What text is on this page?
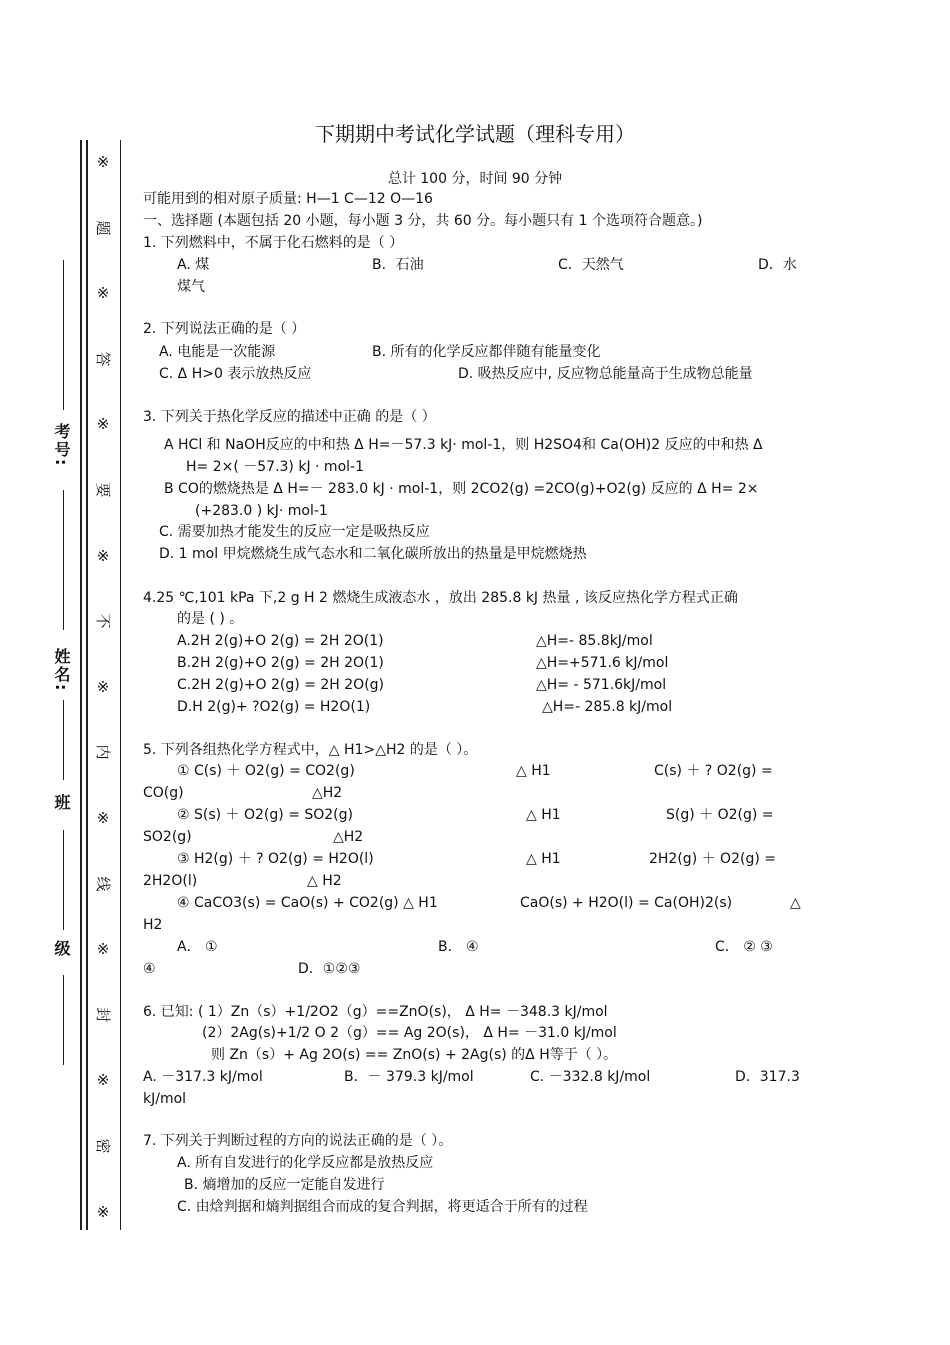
※
题
※
答
※
要
※
不
※
内
※
线
※
封
※
密
※
考号:
姓名:
班
级
下期期中考试化学试题（理科专用）
总计 100 分，时间 90 分钟
可能用到的相对原子质量: H—1 C—12 O—16
一、选择题 (本题包括 20 小题，每小题 3 分，共 60 分。每小题只有 1 个选项符合题意。)
1. 下列燃料中，不属于化石燃料的是（ ）
A. 煤	B．石油	C．天然气	D．水
煤气
2. 下列说法正确的是（ ）
A. 电能是一次能源	B. 所有的化学反应都伴随有能量变化
C. Δ H>0 表示放热反应	D. 吸热反应中, 反应物总能量高于生成物总能量
3. 下列关于热化学反应的描述中正确 的是（ ）
A HCl 和 NaOH反应的中和热 Δ H=－57.3 kJ· mol-1，则 H2SO4和 Ca(OH)2 反应的中和热 Δ
H= 2×( －57.3) kJ · mol-1
B CO的燃烧热是 Δ H=－ 283.0 kJ · mol-1，则 2CO2(g) =2CO(g)+O2(g) 反应的 Δ H= 2×
(+283.0 ) kJ· mol-1
C. 需要加热才能发生的反应一定是吸热反应
D. 1 mol 甲烷燃烧生成气态水和二氧化碳所放出的热量是甲烷燃烧热
4.25 ℃,101 kPa 下,2 g H 2 燃烧生成液态水 ，放出 285.8 kJ 热量 , 该反应热化学方程式正确
的是 ( ) 。
A.2H 2(g)+O 2(g) = 2H 2O(1)	△H=- 85.8kJ/mol
B.2H 2(g)+O 2(g) = 2H 2O(1)	△H=+571.6 kJ/mol
C.2H 2(g)+O 2(g) = 2H 2O(g)	△H= - 571.6kJ/mol
D.H 2(g)+ ?O2(g) = H2O(1)	△H=- 285.8 kJ/mol
5. 下列各组热化学方程式中，△ H1>△H2 的是（ ）。
① C(s) ＋ O2(g) = CO2(g)	△ H1	C(s) ＋ ? O2(g) =
CO(g)	△H2
② S(s) ＋ O2(g) = SO2(g)	△ H1	S(g) ＋ O2(g) =
SO2(g)	△H2
③ H2(g) ＋ ? O2(g) = H2O(l)	△ H1	2H2(g) ＋ O2(g) =
2H2O(l)	△ H2
④ CaCO3(s) = CaO(s) + CO2(g) △ H1	CaO(s) + H2O(l) = Ca(OH)2(s)	△
H2
A． ①	B． ④	C． ② ③
④	D．①②③
6. 已知: ( 1）Zn（s）+1/2O2（g）==ZnO(s)， Δ H= －348.3 kJ/mol
(2）2Ag(s)+1/2 O 2（g）== Ag 2O(s)， Δ H= －31.0 kJ/mol
则 Zn（s）+ Ag 2O(s) == ZnO(s) + 2Ag(s) 的Δ H等于（ ）。
A. －317.3 kJ/mol	B．－ 379.3 kJ/mol	C. －332.8 kJ/mol	D．317.3
kJ/mol
7. 下列关于判断过程的方向的说法正确的是（ ）。
A. 所有自发进行的化学反应都是放热反应
B. 熵增加的反应一定能自发进行
C. 由焓判据和熵判据组合而成的复合判据，将更适合于所有的过程
